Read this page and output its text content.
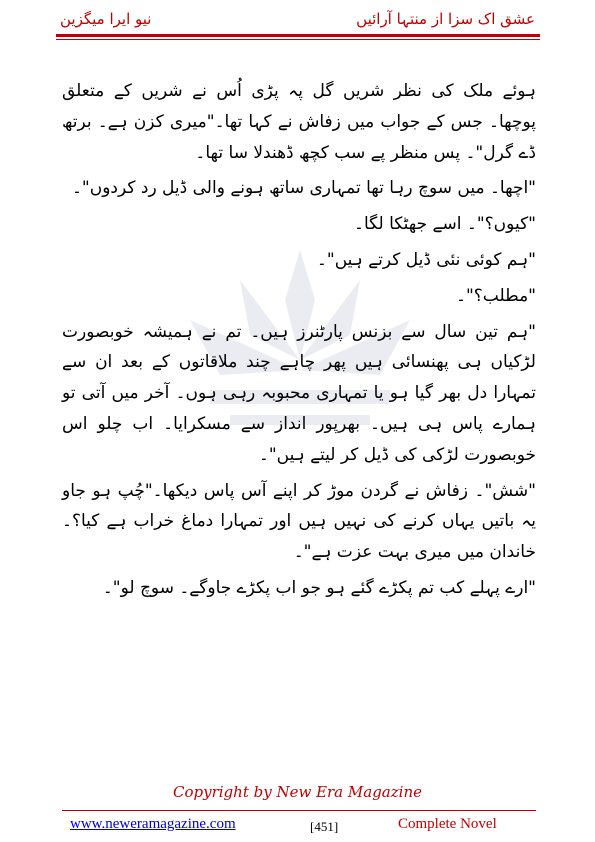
نیو ایرا میگزین	عشق اک سزا از منتہا آرائیں

ہوئے ملک کی نظر شریں گل پہ پڑی اُس نے شریں کے متعلق پوچھا۔ جس کے جواب میں زفاش نے کہا تھا۔"میری کزن ہے۔ برتھ ڈے گرل"۔ پس منظر پے سب کچھ ڈھندلا سا تھا۔

"اچھا۔ میں سوچ رہا تھا تمہاری ساتھ ہونے والی ڈیل رد کردوں"۔

"کیوں؟"۔ اسے جھٹکا لگا۔

"ہم کوئی نئی ڈیل کرتے ہیں"۔

"مطلب؟"۔

"ہم تین سال سے بزنس پارٹنرز ہیں۔ تم نے ہمیشہ خوبصورت لڑکیاں ہی پھنسائی ہیں پھر چاہے چند ملاقاتوں کے بعد ان سے تمہارا دل بھر گیا ہو یا تمہاری محبوبہ رہی ہوں۔ آخر میں آتی تو ہمارے پاس ہی ہیں۔ بھرپور انداز سے مسکرایا۔ اب چلو اس خوبصورت لڑکی کی ڈیل کر لیتے ہیں"۔

"شش"۔ زفاش نے گردن موڑ کر اپنے آس پاس دیکھا۔"چُپ ہو جاو یہ باتیں یہاں کرنے کی نہیں ہیں اور تمہارا دماغ خراب ہے کیا؟۔ خاندان میں میری بہت عزت ہے"۔

"ارے پہلے کب تم پکڑے گئے ہو جو اب پکڑے جاوگے۔ سوچ لو"۔

Copyright by New Era Magazine
www.neweramagazine.com	[451]	Complete Novel
